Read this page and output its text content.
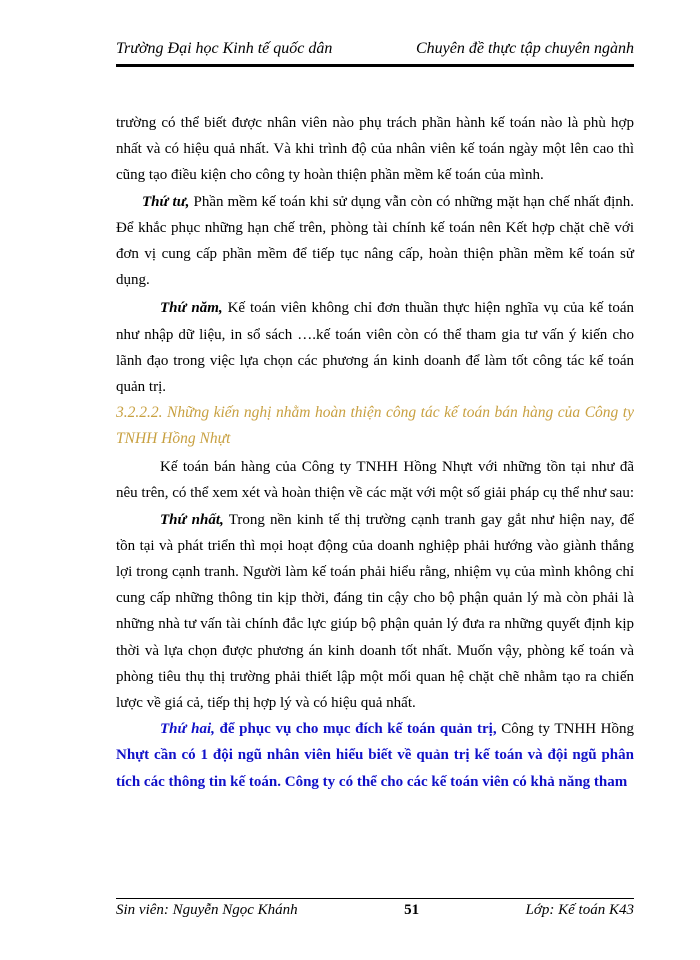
Trường Đại học Kinh tế quốc dân	Chuyên đề thực tập chuyên ngành

trường có thể biết được nhân viên nào phụ trách phần hành kế toán nào là phù hợp nhất và có hiệu quả nhất. Và khi trình độ của nhân viên kế toán ngày một lên cao thì cũng tạo điều kiện cho công ty hoàn thiện phần mềm kế toán của mình.

Thứ tư, Phần mềm kế toán khi sử dụng vẫn còn có những mặt hạn chế nhất định. Để khắc phục những hạn chế trên, phòng tài chính kế toán nên Kết hợp chặt chẽ với đơn vị cung cấp phần mềm để tiếp tục nâng cấp, hoàn thiện phần mềm kế toán sử dụng.

Thứ năm, Kế toán viên không chỉ đơn thuần thực hiện nghĩa vụ của kế toán như nhập dữ liệu, in sổ sách ….kế toán viên còn có thể tham gia tư vấn ý kiến cho lãnh đạo trong việc lựa chọn các phương án kinh doanh để làm tốt công tác kế toán quản trị.

3.2.2.2. Những kiến nghị nhằm hoàn thiện công tác kế toán bán hàng của Công ty TNHH Hồng Nhựt

Kế toán bán hàng của Công ty TNHH Hồng Nhựt với những tồn tại như đã nêu trên, có thể xem xét và hoàn thiện về các mặt với một số giải pháp cụ thể như sau:

Thứ nhất, Trong nền kinh tế thị trường cạnh tranh gay gắt như hiện nay, để tồn tại và phát triển thì mọi hoạt động của doanh nghiệp phải hướng vào giành thắng lợi trong cạnh tranh. Người làm kế toán phải hiểu rằng, nhiệm vụ của mình không chỉ cung cấp những thông tin kịp thời, đáng tin cậy cho bộ phận quản lý mà còn phải là những nhà tư vấn tài chính đắc lực giúp bộ phận quản lý đưa ra những quyết định kịp thời và lựa chọn được phương án kinh doanh tốt nhất. Muốn vậy, phòng kế toán và phòng tiêu thụ thị trường phải thiết lập một mối quan hệ chặt chẽ nhằm tạo ra chiến lược về giá cả, tiếp thị hợp lý và có hiệu quả nhất.

Thứ hai, để phục vụ cho mục đích kế toán quản trị, Công ty TNHH Hồng Nhựt cần có 1 đội ngũ nhân viên hiểu biết về quản trị kế toán và đội ngũ phân tích các thông tin kế toán. Công ty có thể cho các kế toán viên có khả năng tham

Sin viên: Nguyễn Ngọc Khánh	51	Lớp: Kế toán K43
